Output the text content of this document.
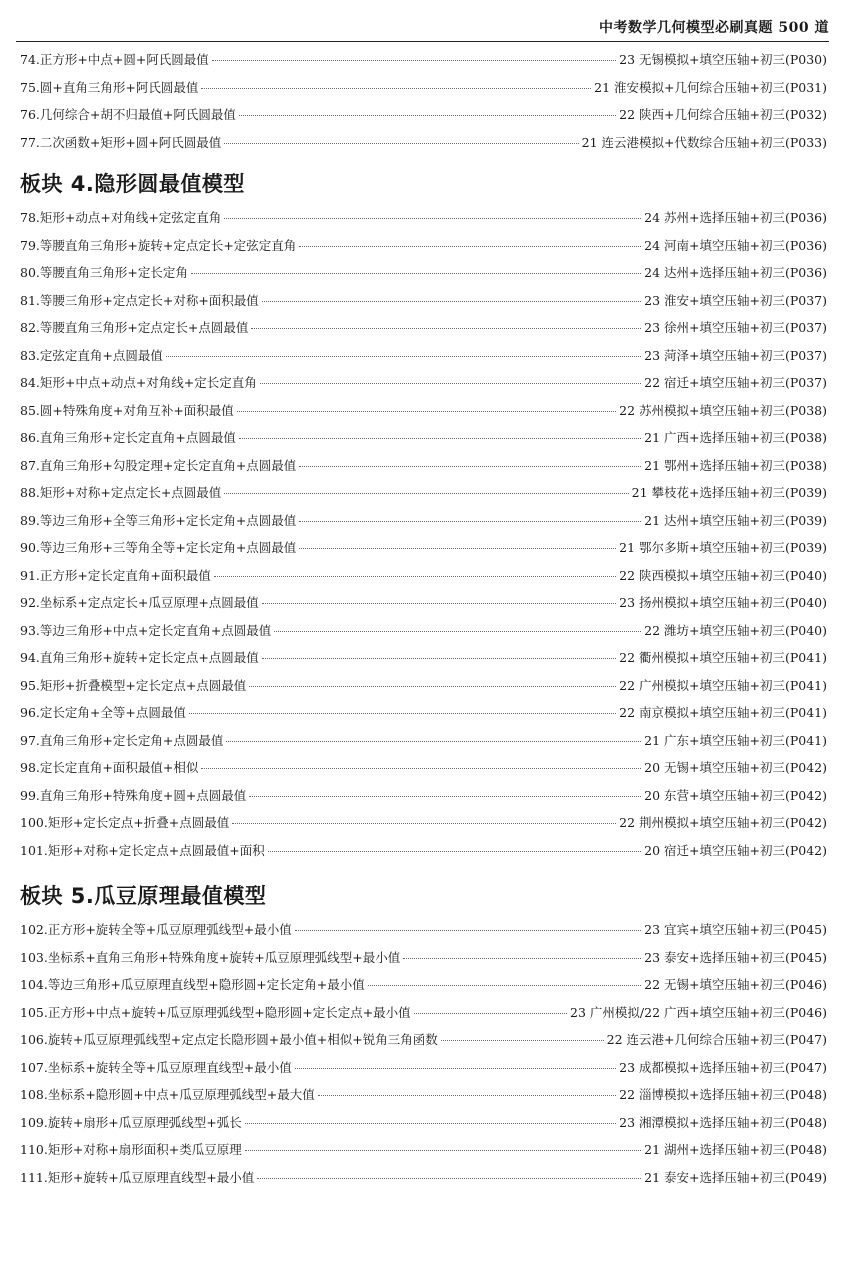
中考数学几何模型必刷真题 500 道
74.正方形+中点+圆+阿氏圆最值	23 无锡模拟+填空压轴+初三(P030)
75.圆+直角三角形+阿氏圆最值	21 淮安模拟+几何综合压轴+初三(P031)
76.几何综合+胡不归最值+阿氏圆最值	22 陕西+几何综合压轴+初三(P032)
77.二次函数+矩形+圆+阿氏圆最值	21 连云港模拟+代数综合压轴+初三(P033)
板块 4.隐形圆最值模型
78.矩形+动点+对角线+定弦定直角	24 苏州+选择压轴+初三(P036)
79.等腰直角三角形+旋转+定点定长+定弦定直角	24 河南+填空压轴+初三(P036)
80.等腰直角三角形+定长定角	24 达州+选择压轴+初三(P036)
81.等腰三角形+定点定长+对称+面积最值	23 淮安+填空压轴+初三(P037)
82.等腰直角三角形+定点定长+点圆最值	23 徐州+填空压轴+初三(P037)
83.定弦定直角+点圆最值	23 菏泽+填空压轴+初三(P037)
84.矩形+中点+动点+对角线+定长定直角	22 宿迁+填空压轴+初三(P037)
85.圆+特殊角度+对角互补+面积最值	22 苏州模拟+填空压轴+初三(P038)
86.直角三角形+定长定直角+点圆最值	21 广西+选择压轴+初三(P038)
87.直角三角形+勾股定理+定长定直角+点圆最值	21 鄂州+选择压轴+初三(P038)
88.矩形+对称+定点定长+点圆最值	21 攀枝花+选择压轴+初三(P039)
89.等边三角形+全等三角形+定长定角+点圆最值	21 达州+填空压轴+初三(P039)
90.等边三角形+三等角全等+定长定角+点圆最值	21 鄂尔多斯+填空压轴+初三(P039)
91.正方形+定长定直角+面积最值	22 陕西模拟+填空压轴+初三(P040)
92.坐标系+定点定长+瓜豆原理+点圆最值	23 扬州模拟+填空压轴+初三(P040)
93.等边三角形+中点+定长定直角+点圆最值	22 潍坊+填空压轴+初三(P040)
94.直角三角形+旋转+定长定点+点圆最值	22 衢州模拟+填空压轴+初三(P041)
95.矩形+折叠模型+定长定点+点圆最值	22 广州模拟+填空压轴+初三(P041)
96.定长定角+全等+点圆最值	22 南京模拟+填空压轴+初三(P041)
97.直角三角形+定长定角+点圆最值	21 广东+填空压轴+初三(P041)
98.定长定直角+面积最值+相似	20 无锡+填空压轴+初三(P042)
99.直角三角形+特殊角度+圆+点圆最值	20 东营+填空压轴+初三(P042)
100.矩形+定长定点+折叠+点圆最值	22 荆州模拟+填空压轴+初三(P042)
101.矩形+对称+定长定点+点圆最值+面积	20 宿迁+填空压轴+初三(P042)
板块 5.瓜豆原理最值模型
102.正方形+旋转全等+瓜豆原理弧线型+最小值	23 宜宾+填空压轴+初三(P045)
103.坐标系+直角三角形+特殊角度+旋转+瓜豆原理弧线型+最小值	23 泰安+选择压轴+初三(P045)
104.等边三角形+瓜豆原理直线型+隐形圆+定长定角+最小值	22 无锡+填空压轴+初三(P046)
105.正方形+中点+旋转+瓜豆原理弧线型+隐形圆+定长定点+最小值	23 广州模拟/22 广西+填空压轴+初三(P046)
106.旋转+瓜豆原理弧线型+定点定长隐形圆+最小值+相似+锐角三角函数	22 连云港+几何综合压轴+初三(P047)
107.坐标系+旋转全等+瓜豆原理直线型+最小值	23 成都模拟+选择压轴+初三(P047)
108.坐标系+隐形圆+中点+瓜豆原理弧线型+最大值	22 淄博模拟+选择压轴+初三(P048)
109.旋转+扇形+瓜豆原理弧线型+弧长	23 湘潭模拟+选择压轴+初三(P048)
110.矩形+对称+扇形面积+类瓜豆原理	21 湖州+选择压轴+初三(P048)
111.矩形+旋转+瓜豆原理直线型+最小值	21 泰安+选择压轴+初三(P049)
